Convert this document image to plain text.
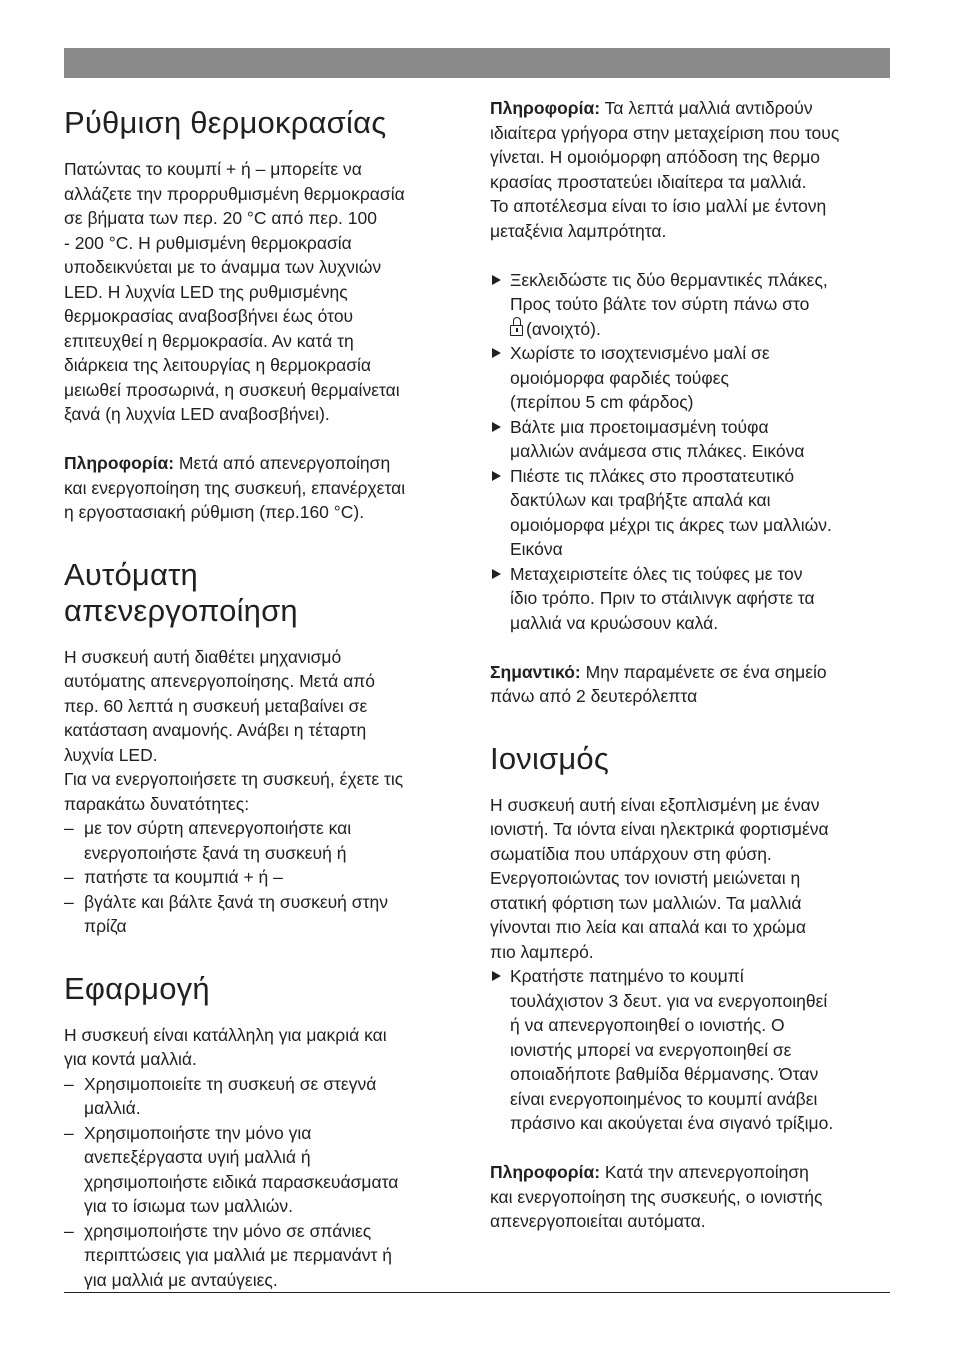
Ρύθμιση θερμοκρασίας

Πατώντας το κουμπί + ή – μπορείτε να
αλλάζετε την προρρυθμισμένη θερμοκρασία
σε βήματα των περ. 20 °C από περ. 100
- 200 °C. Η ρυθμισμένη θερμοκρασία
υποδεικνύεται με το άναμμα των λυχνιών
LED. Η λυχνία LED της ρυθμισμένης
θερμοκρασίας αναβοσβήνει έως ότου
επιτευχθεί η θερμοκρασία. Αν κατά τη
διάρκεια της λειτουργίας η θερμοκρασία
μειωθεί προσωρινά, η συσκευή θερμαίνεται
ξανά (η λυχνία LED αναβοσβήνει).

Πληροφορία: Μετά από απενεργοποίηση
και ενεργοποίηση της συσκευή, επανέρχεται
η εργοστασιακή ρύθμιση (περ.160 °C).

Αυτόματη
απενεργοποίηση

Η συσκευή αυτή διαθέτει μηχανισμό
αυτόματης απενεργοποίησης. Μετά από
περ. 60 λεπτά η συσκευή μεταβαίνει σε
κατάσταση αναμονής. Ανάβει η τέταρτη
λυχνία LED.
Για να ενεργοποιήσετε τη συσκευή, έχετε τις
παρακάτω δυνατότητες:

– με τον σύρτη απενεργοποιήστε και
ενεργοποιήστε ξανά τη συσκευή ή
– πατήστε τα κουμπιά + ή –
– βγάλτε και βάλτε ξανά τη συσκευή στην
πρίζα
Εφαρμογή

Η συσκευή είναι κατάλληλη για μακριά και
για κοντά μαλλιά.

– Χρησιμοποιείτε τη συσκευή σε στεγνά
μαλλιά.
– Χρησιμοποιήστε την μόνο για
ανεπεξέργαστα υγιή μαλλιά ή
χρησιμοποιήστε ειδικά παρασκευάσματα
για το ίσιωμα των μαλλιών.
– χρησιμοποιήστε την μόνο σε σπάνιες
περιπτώσεις για μαλλιά με περμανάντ ή
για μαλλιά με ανταύγειες.

Πληροφορία: Τα λεπτά μαλλιά αντιδρούν
ιδιαίτερα γρήγορα στην μεταχείριση που τους
γίνεται. Η ομοιόμορφη απόδοση της θερμο
κρασίας προστατεύει ιδιαίτερα τα μαλλιά.
Το αποτέλεσμα είναι το ίσιο μαλλί με έντονη
μεταξένια λαμπρότητα.

Ξεκλειδώστε τις δύο θερμαντικές πλάκες,
Προς τούτο βάλτε τον σύρτη πάνω στο
(ανοιχτό).
Χωρίστε το ισοχτενισμένο μαλί σε
ομοιόμορφα φαρδιές τούφες
(περίπου 5 cm φάρδος)
Βάλτε μια προετοιμασμένη τούφα
μαλλιών ανάμεσα στις πλάκες. Εικόνα
Πιέστε τις πλάκες στο προστατευτικό
δακτύλων και τραβήξτε απαλά και
ομοιόμορφα μέχρι τις άκρες των μαλλιών.
Εικόνα
Μεταχειριστείτε όλες τις τούφες με τον
ίδιο τρόπο. Πριν το στάιλινγκ αφήστε τα
μαλλιά να κρυώσουν καλά.

Σημαντικό: Μην παραμένετε σε ένα σημείο
πάνω από 2 δευτερόλεπτα

Ιονισμός

Η συσκευή αυτή είναι εξοπλισμένη με έναν
ιονιστή. Τα ιόντα είναι ηλεκτρικά φορτισμένα
σωματίδια που υπάρχουν στη φύση.
Ενεργοποιώντας τον ιονιστή μειώνεται η
στατική φόρτιση των μαλλιών. Τα μαλλιά
γίνονται πιο λεία και απαλά και το χρώμα
πιο λαμπερό.

Κρατήστε πατημένο το κουμπί
τουλάχιστον 3 δευτ. για να ενεργοποιηθεί
ή να απενεργοποιηθεί ο ιονιστής. Ο
ιονιστής μπορεί να ενεργοποιηθεί σε
οποιαδήποτε βαθμίδα θέρμανσης. Όταν
είναι ενεργοποιημένος το κουμπί ανάβει
πράσινο και ακούγεται ένα σιγανό τρίξιμο.

Πληροφορία: Κατά την απενεργοποίηση
και ενεργοποίηση της συσκευής, ο ιονιστής
απενεργοποιείται αυτόματα.
